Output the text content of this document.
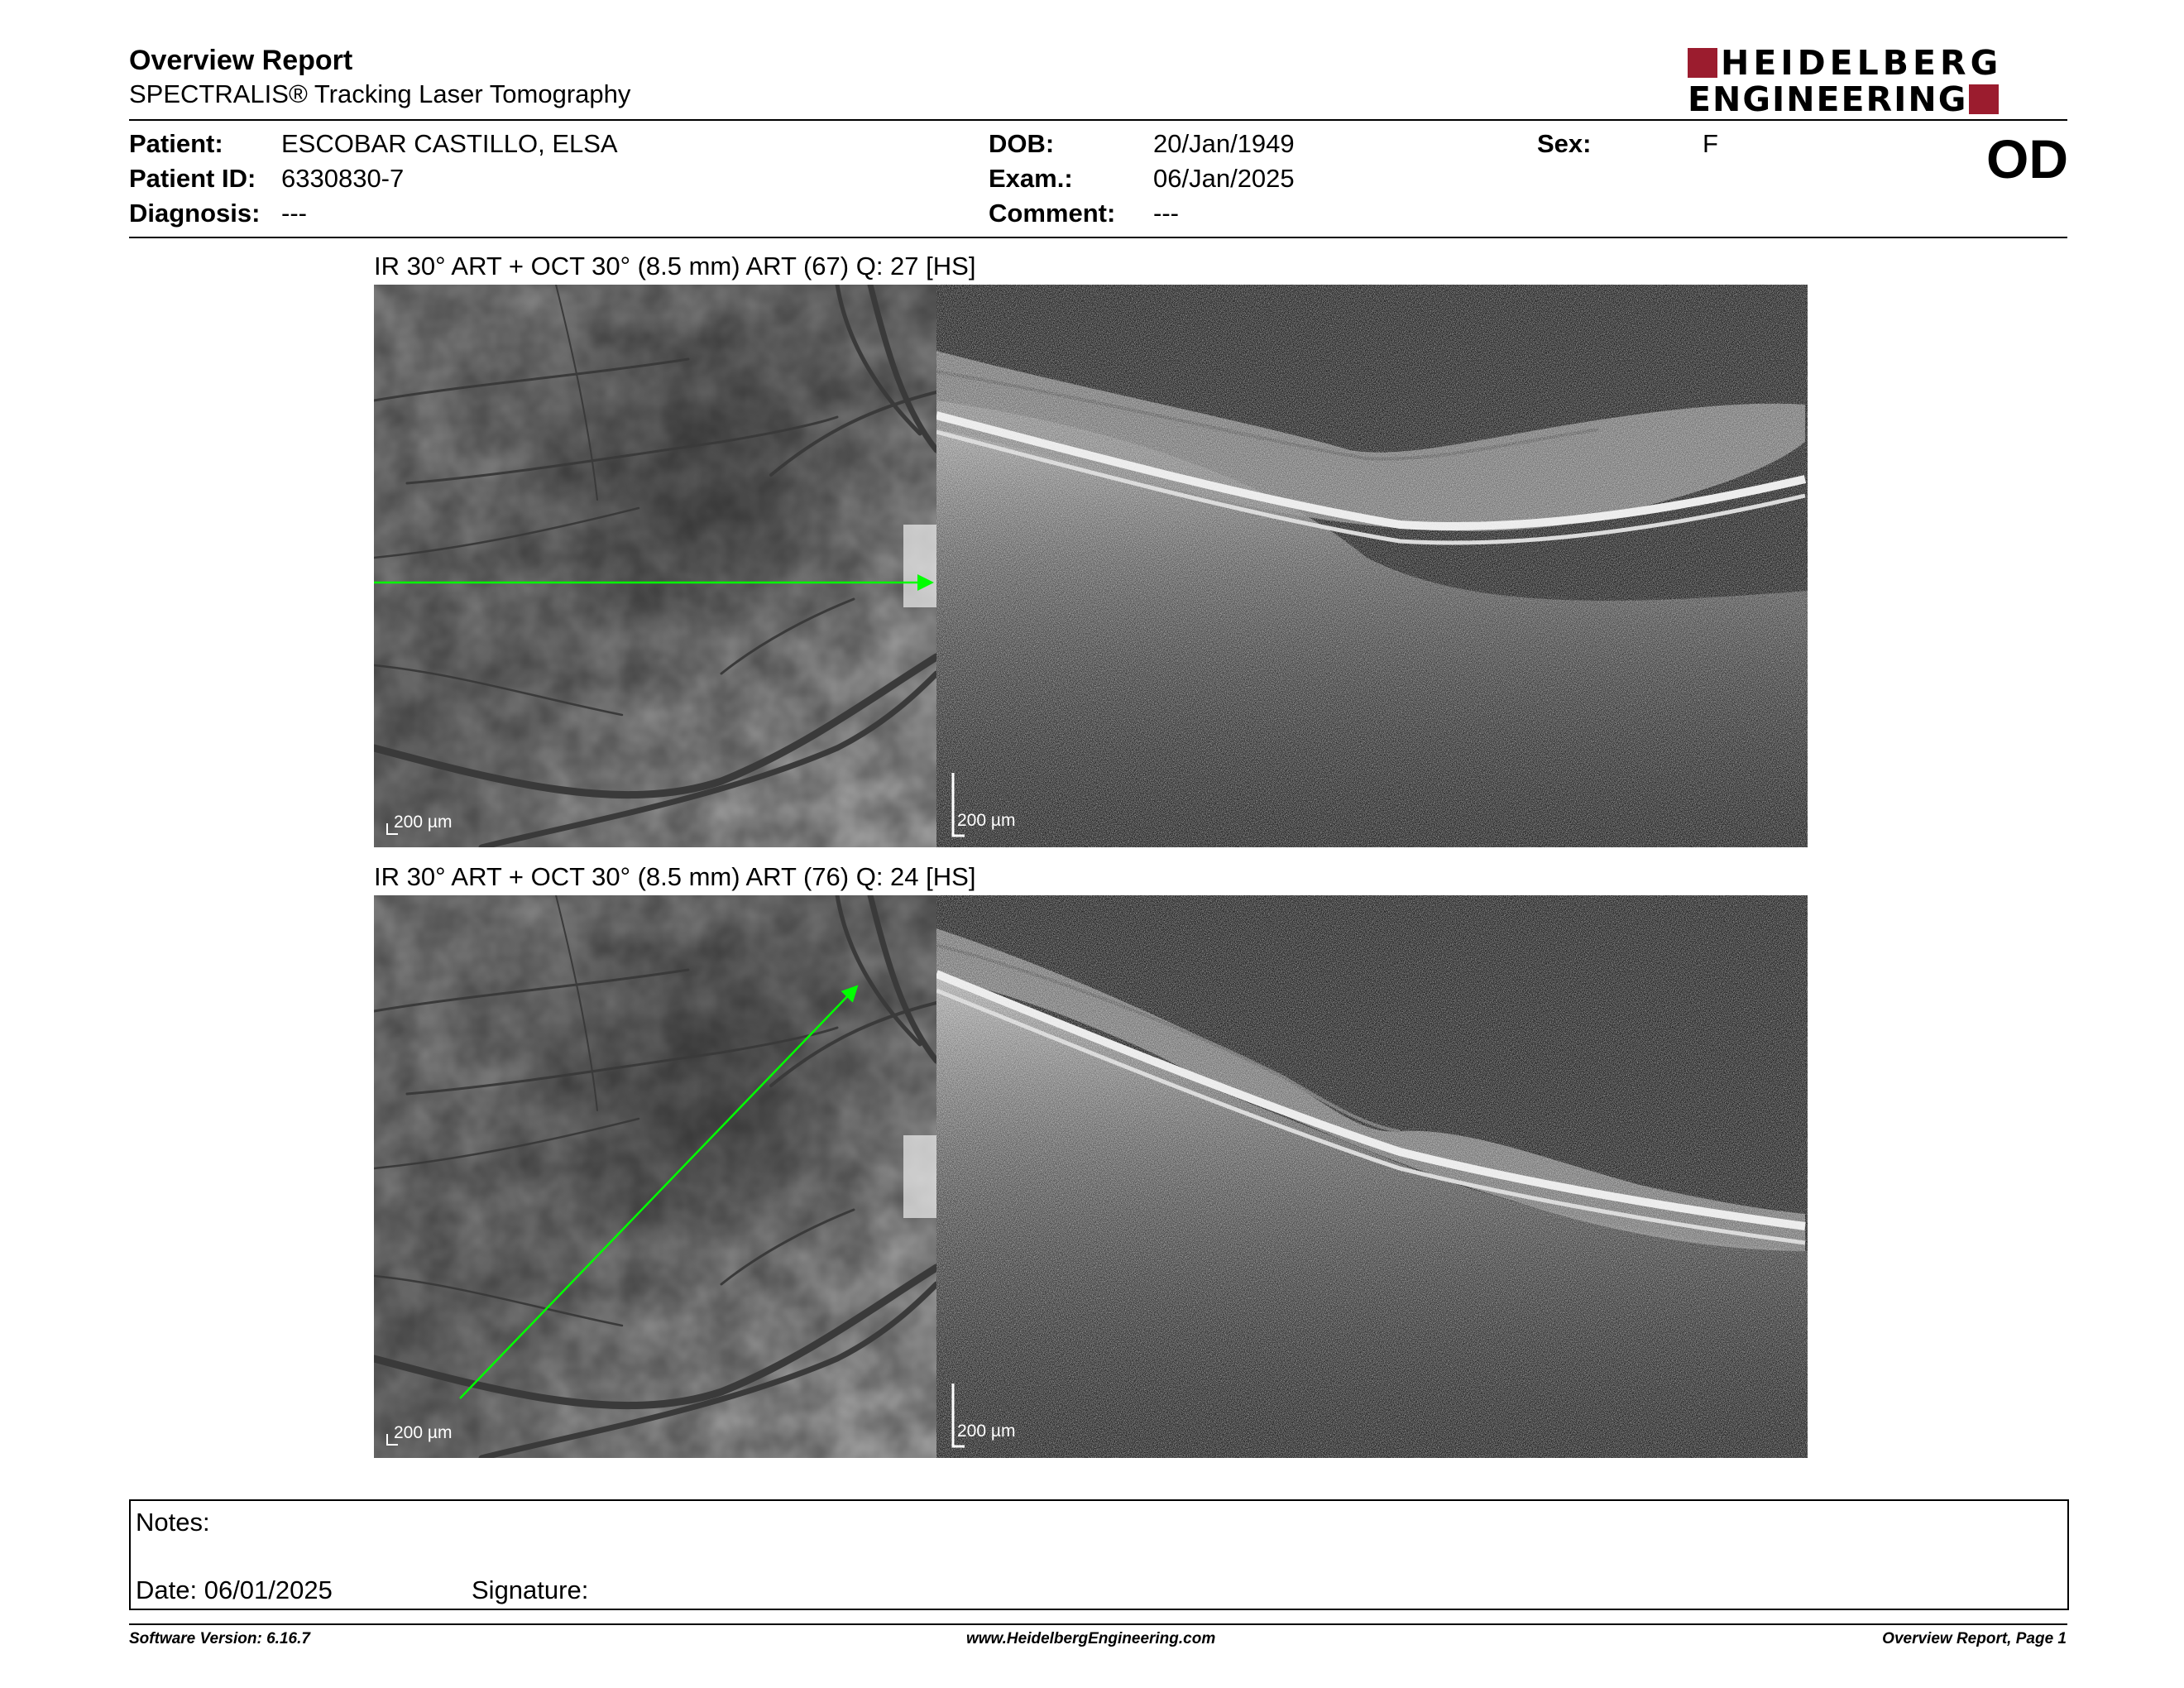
Overview Report
SPECTRALIS® Tracking Laser Tomography
HEIDELBERG
ENGINEERING
Patient: ESCOBAR CASTILLO, ELSA
Patient ID: 6330830-7
Diagnosis: ---
DOB:	20/Jan/1949
Exam.:	06/Jan/2025
Comment: ---
Sex:	F	OD
IR 30° ART + OCT 30° (8.5 mm) ART (67) Q: 27 [HS]
200 µm	200 µm
IR 30° ART + OCT 30° (8.5 mm) ART (76) Q: 24 [HS]
200 µm	200 µm
Notes:
Date: 06/01/2025	Signature:
Software Version: 6.16.7	www.HeidelbergEngineering.com	Overview Report, Page 1
